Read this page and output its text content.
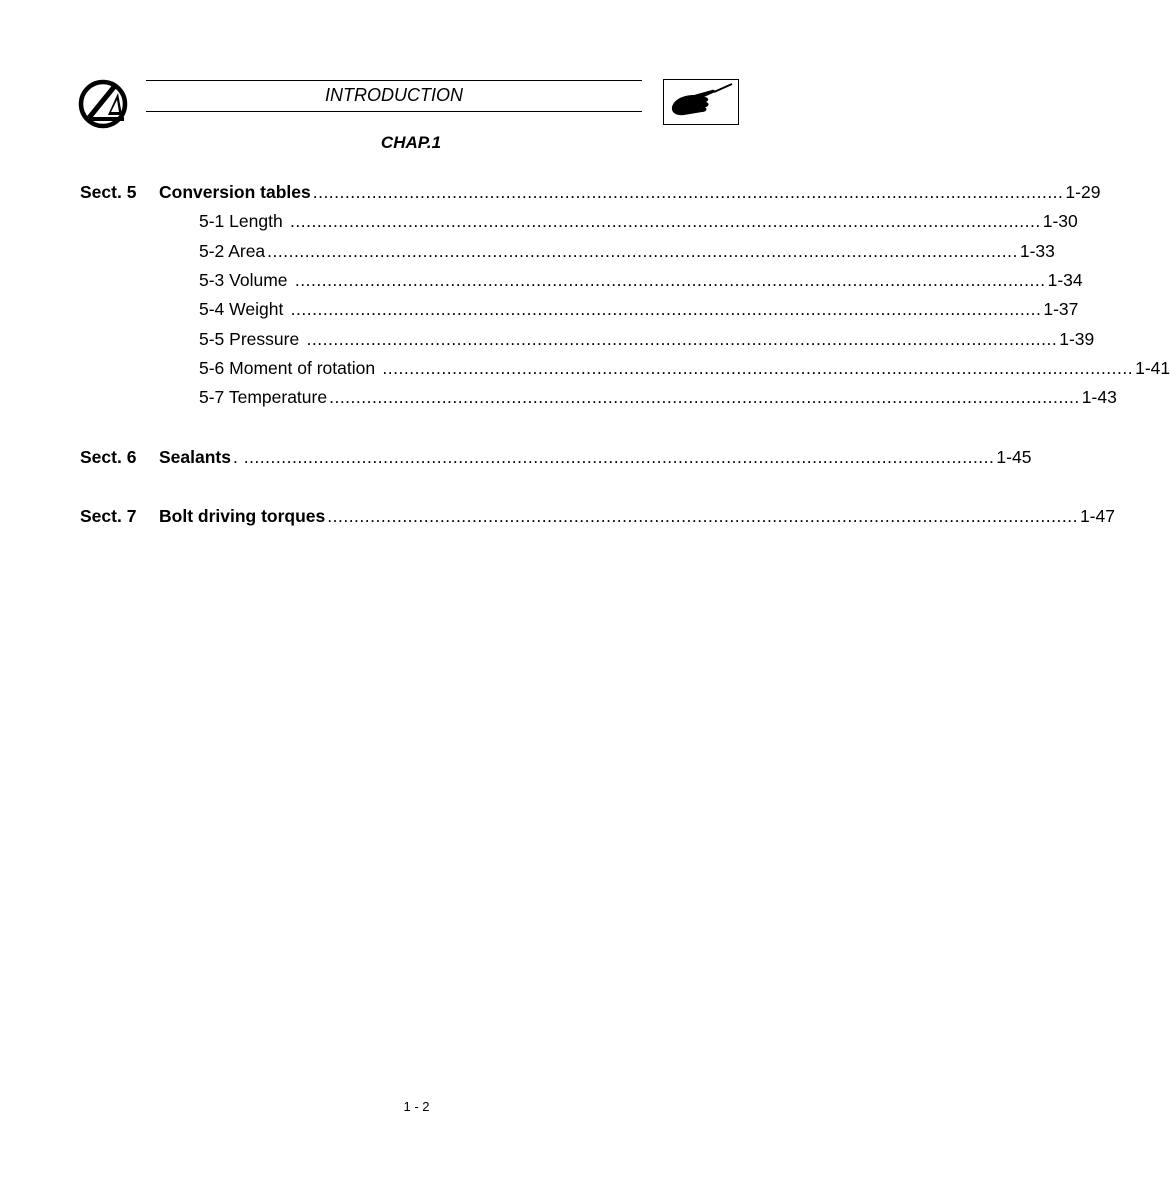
INTRODUCTION
CHAP.1
Sect. 5	Conversion tables ............................................................................................................................................ 1-29
5-1 Length ............................................................................................................................................ 1-30
5-2 Area ............................................................................................................................................ 1-33
5-3 Volume ............................................................................................................................................ 1-34
5-4 Weight ............................................................................................................................................ 1-37
5-5 Pressure ............................................................................................................................................ 1-39
5-6 Moment of rotation ............................................................................................................................................ 1-41
5-7 Temperature ............................................................................................................................................ 1-43
Sect. 6	Sealants . ............................................................................................................................................ 1-45
Sect. 7	Bolt driving torques ............................................................................................................................................ 1-47
1 - 2
